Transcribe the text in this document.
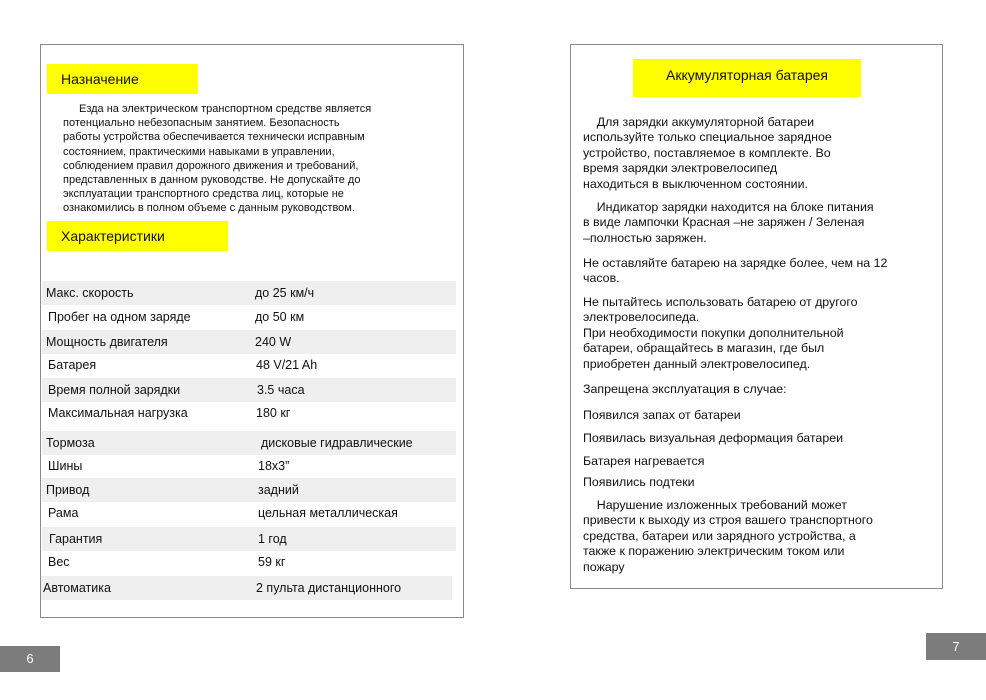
Назначение

Езда на электрическом транспортном средстве является

потенциально небезопасным занятием. Безопасность

работы устройства обеспечивается технически исправным

состоянием, практическими навыками в управлении,

соблюдением правил дорожного движения и требований,

представленных в данном руководстве. Не допускайте до

эксплуатации транспортного средства лиц, которые не

ознакомились в полном объеме с данным руководством.

Характеристики
Макс. скорость	до 25 км/ч
Пробег на одном заряде	до 50 км
Мощность двигателя	240 W
Батарея	48 V/21 Ah
Время полной зарядки	3.5 часа
Максимальная нагрузка	180 кг
Тормоза	дисковые гидравлические
Шины	18x3”
Привод	задний
Рама	цельная металлическая
Гарантия	1 год
Вес	59 кг
Автоматика	2 пульта дистанционного
6
Аккумуляторная батарея
Для зарядки аккумуляторной батареи
используйте только специальное зарядное
устройство, поставляемое в комплекте. Во
время зарядки электровелосипед
находиться в выключенном состоянии.
Индикатор зарядки находится на блоке питания
в виде лампочки Красная –не заряжен / Зеленая
–полностью заряжен.
Не оставляйте батарею на зарядке более, чем на 12
часов.
Не пытайтесь использовать батарею от другого
электровелосипеда.
При необходимости покупки дополнительной
батареи, обращайтесь в магазин, где был
приобретен данный электровелосипед.
Запрещена эксплуатация в случае:
Появился запах от батареи
Появилась визуальная деформация батареи
Батарея нагревается
Появились подтеки
Нарушение изложенных требований может
привести к выходу из строя вашего транспортного
средства, батареи или зарядного устройства, а
также к поражению электрическим током или
пожару
7
